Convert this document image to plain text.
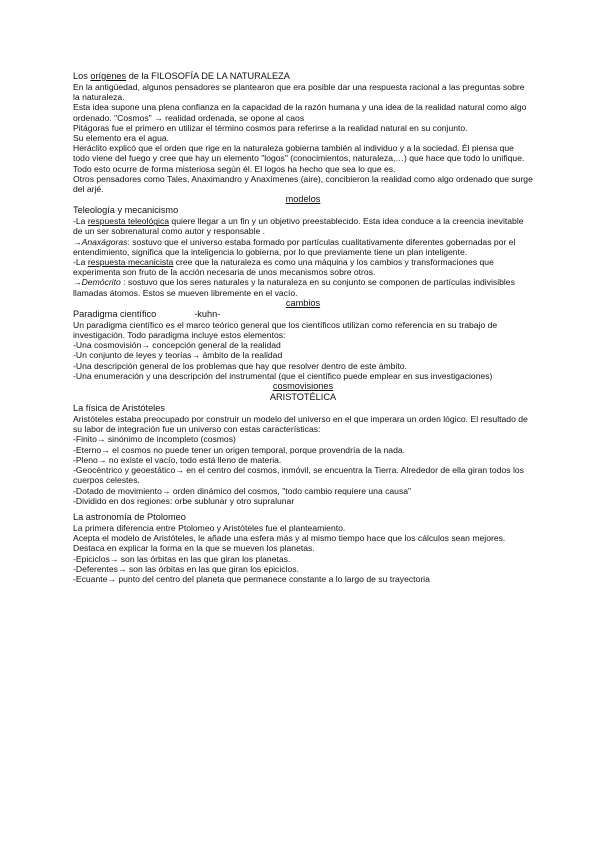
Los orígenes de la FILOSOFÍA DE LA NATURALEZA

En la antigüedad, algunos pensadores se plantearon que era posible dar una respuesta racional a las preguntas sobre la naturaleza.

Esta idea supone una plena confianza en la capacidad de la razón humana y una idea de la realidad natural como algo ordenado. "Cosmos" → realidad ordenada, se opone al caos

Pitágoras fue el primero en utilizar el término cosmos para referirse a la realidad natural en su conjunto.

Su elemento era el agua.

Heráclito explicó que el orden que rige en la naturaleza gobierna también al individuo y a la sociedad. Él piensa que todo viene del fuego y cree que hay un elemento "logos" (conocimientos, naturaleza,…) que hace que todo lo unifique. Todo esto ocurre de forma misteriosa según él. El logos ha hecho que sea lo que es.

Otros pensadores como Tales, Anaximandro y Anaxímenes (aire), concibieron la realidad como algo ordenado que surge del arjé.

modelos

Teleología y mecanicismo

-La respuesta teleológica quiere llegar a un fin y un objetivo preestablecido. Esta idea conduce a la creencia inevitable de un ser sobrenatural como autor y responsable .

→Anaxágoras: sostuvo que el universo estaba formado por partículas cualitativamente diferentes gobernadas por el entendimiento, significa que la inteligencia lo gobierna, por lo que previamente tiene un plan inteligente.

-La respuesta mecanicista cree que la naturaleza es como una máquina y los cambios y transformaciones que experimenta son fruto de la acción necesaria de unos mecanismos sobre otros.

→Demócrito : sostuvo que los seres naturales y la naturaleza en su conjunto se componen de partículas indivisibles llamadas átomos. Estos se mueven libremente en el vacío.

cambios

Paradigma científico	-kuhn-

Un paradigma científico es el marco teórico general que los científicos utilizan como referencia en su trabajo de investigación. Todo paradigma incluye estos elementos:

-Una cosmovisión→ concepción general de la realidad

-Un conjunto de leyes y teorías→ ámbito de la realidad

-Una descripción general de los problemas que hay que resolver dentro de este ámbito.

-Una enumeración y una descripción del instrumental (que el científico puede emplear en sus investigaciones)

cosmovisiones

ARISTOTÉLICA

La física de Aristóteles

Aristóteles estaba preocupado por construir un modelo del universo en el que imperara un orden lógico. El resultado de su labor de integración fue un universo con estas características:

-Finito→ sinónimo de incompleto (cosmos)

-Eterno→ el cosmos no puede tener un origen temporal, porque provendría de la nada.

-Pleno→ no existe el vacío, todo está lleno de materia.

-Geocéntrico y geoestático→ en el centro del cosmos, inmóvil, se encuentra la Tierra. Alrededor de ella giran todos los cuerpos celestes.

-Dotado de movimiento→ orden dinámico del cosmos, "todo cambio requiere una causa"

-Dividido en dos regiones: orbe sublunar y otro supralunar

La astronomía de Ptolomeo

La primera diferencia entre Ptolomeo y Aristóteles fue el planteamiento.

Acepta el modelo de Aristóteles, le añade una esfera más y al mismo tiempo hace que los cálculos sean mejores. Destaca en explicar la forma en la que se mueven los planetas.

-Epiciclos→ son las órbitas en las que giran los planetas.

-Deferentes→ son las órbitas en las que giran los epiciclos.

-Ecuante→ punto del centro del planeta que permanece constante a lo largo de su trayectoria
